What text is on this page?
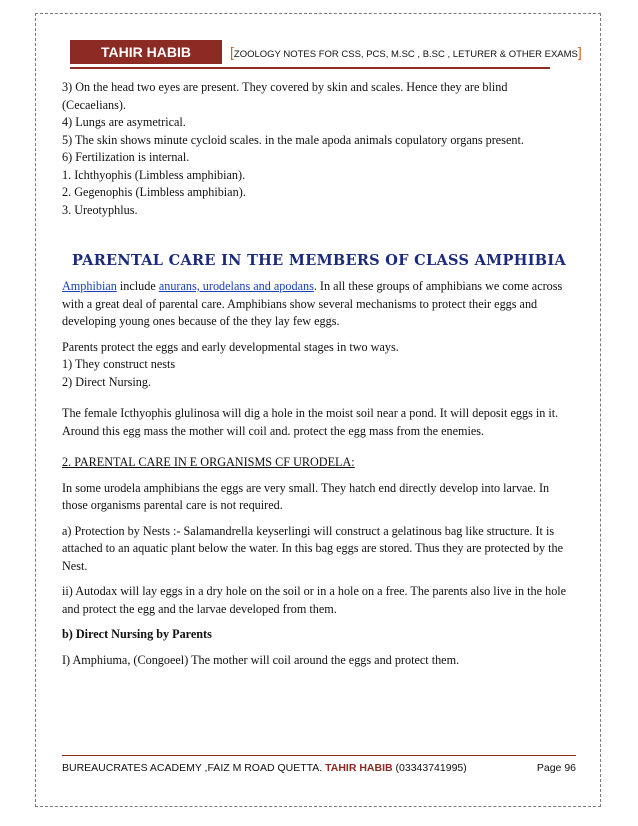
TAHIR HABIB	[ZOOLOGY NOTES FOR CSS, PCS, M.SC , B.SC , LETURER & OTHER EXAMS]

3) On the head two eyes are present. They covered by skin and scales. Hence they are blind

(Cecaelians).

4) Lungs are asymetrical.

5) The skin shows minute cycloid scales. in the male apoda animals copulatory organs present.

6) Fertilization is internal.

1. Ichthyophis (Limbless amphibian).

2. Gegenophis (Limbless amphibian).

3. Ureotyphlus.

PARENTAL CARE IN THE MEMBERS OF CLASS AMPHIBIA

Amphibian include anurans, urodelans and apodans. In all these groups of amphibians we come across with a great deal of parental care. Amphibians show several mechanisms to protect their eggs and developing young ones because of the they lay few eggs.

Parents protect the eggs and early developmental stages in two ways.

1) They construct nests

2) Direct Nursing.

The female Icthyophis glulinosa will dig a hole in the moist soil near a pond. It will deposit eggs in it. Around this egg mass the mother will coil and. protect the egg mass from the enemies.

2. PARENTAL CARE IN E ORGANISMS CF URODELA:

In some urodela amphibians the eggs are very small. They hatch end directly develop into larvae. In those organisms parental care is not required.

a) Protection by Nests :- Salamandrella keyserlingi will construct a gelatinous bag like structure. It is attached to an aquatic plant below the water. In this bag eggs are stored. Thus they are protected by the Nest.

ii) Autodax will lay eggs in a dry hole on the soil or in a hole on a free. The parents also live in the hole and protect the egg and the larvae developed from them.

b) Direct Nursing by Parents

I) Amphiuma, (Congoeel) The mother will coil around the eggs and protect them.

BUREAUCRATES ACADEMY ,FAIZ M ROAD QUETTA. TAHIR HABIB (03343741995)	Page 96
